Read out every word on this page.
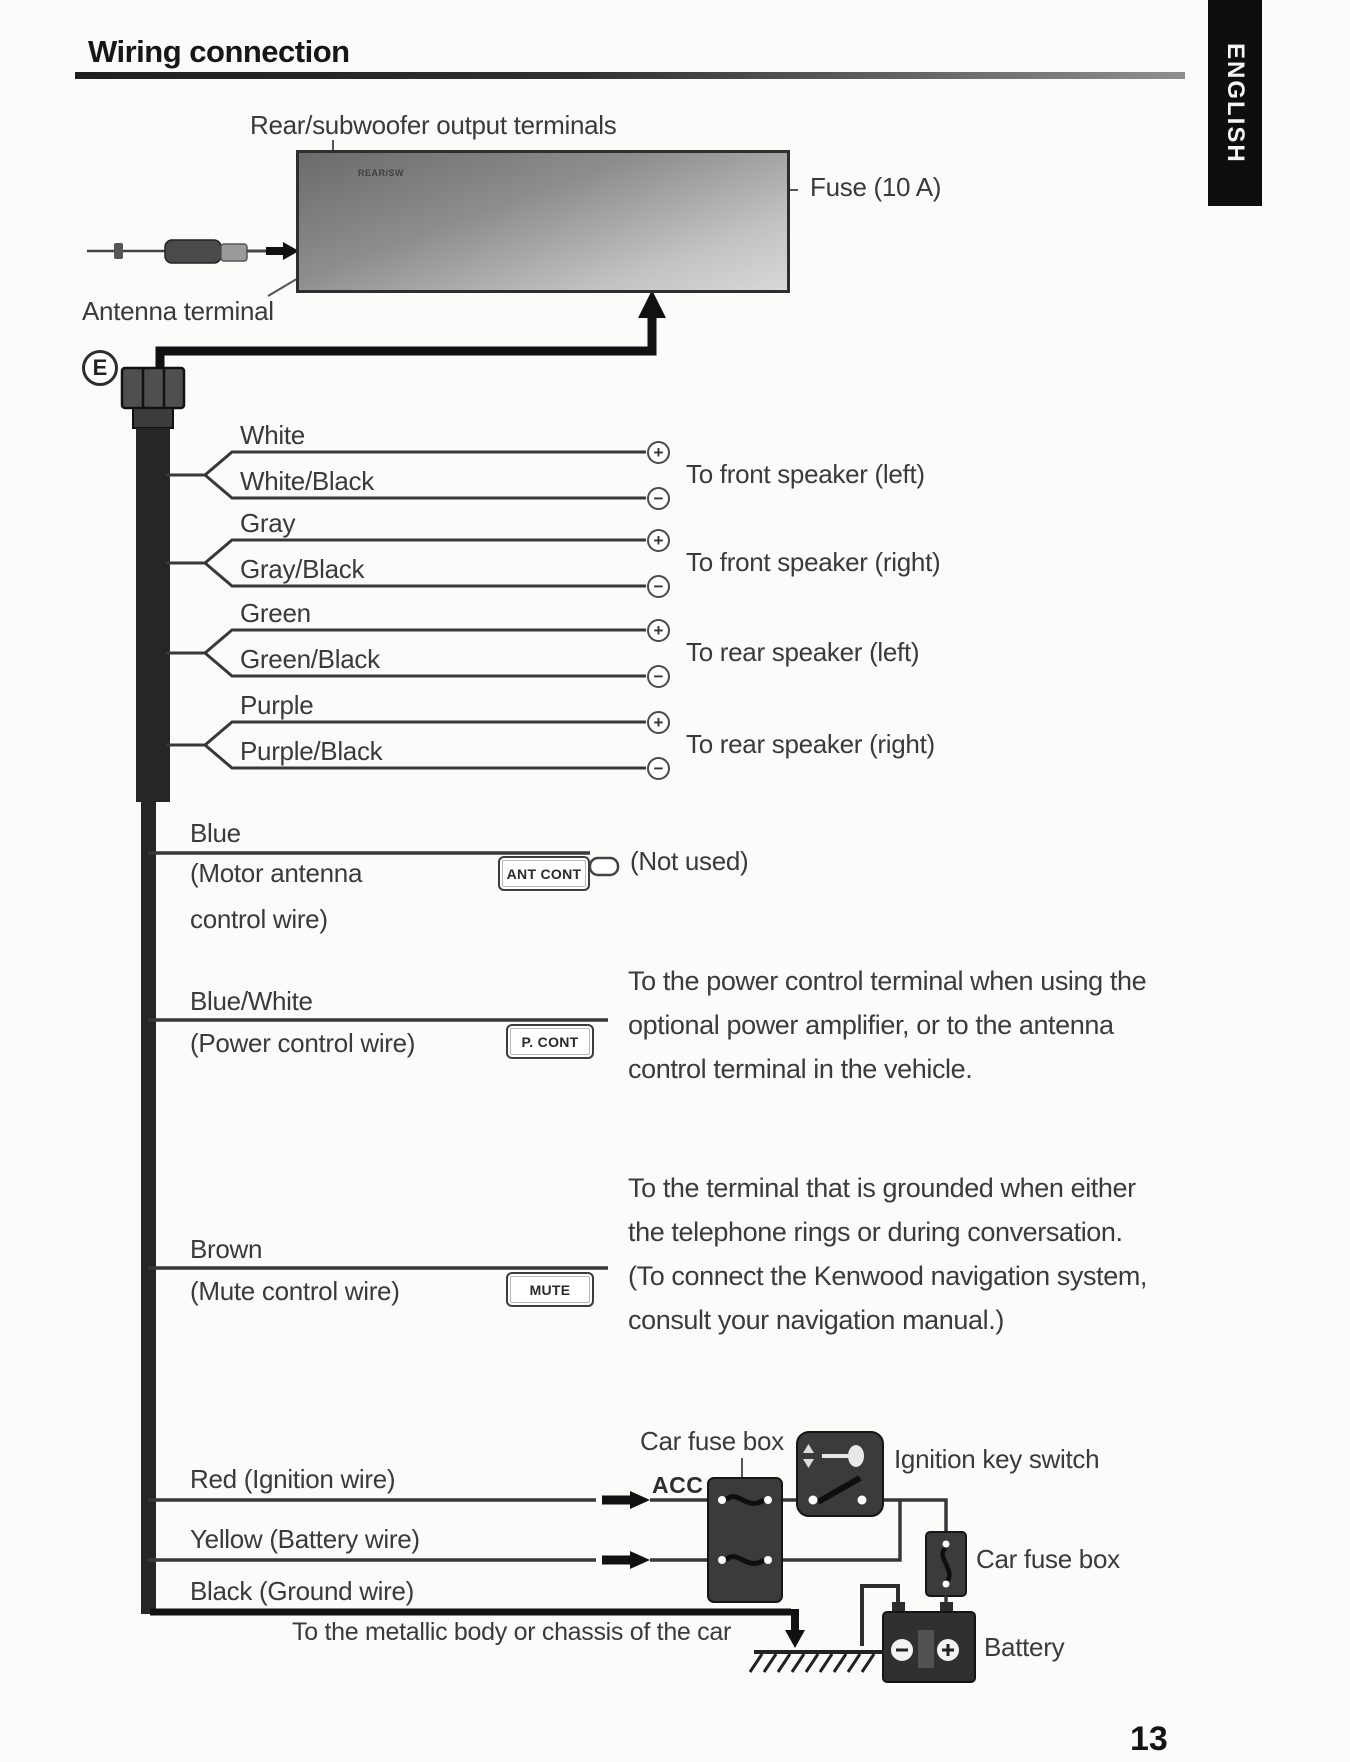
Wiring connection	ENGLISH
Rear/subwoofer output terminals
REAR/SW	Fuse (10 A)
Antenna terminal
E
White
White/Black
Gray
Gray/Black
Green
Green/Black
Purple
Purple/Black
+
−
+
−
+
−
+
−
To front speaker (left)
To front speaker (right)
To rear speaker (left)
To rear speaker (right)
Blue
(Motor antenna
control wire)
ANT CONT (Not used)
To the power control terminal when using the
optional power amplifier, or to the antenna
control terminal in the vehicle.
Blue/White
(Power control wire)	P. CONT
To the terminal that is grounded when either
the telephone rings or during conversation.
(To connect the Kenwood navigation system,
consult your navigation manual.)
Brown
(Mute control wire)	MUTE
Red (Ignition wire)	ACC
Yellow (Battery wire)
Black (Ground wire)
To the metallic body or chassis of the car
Car fuse box
Ignition key switch
Car fuse box
Battery
13
